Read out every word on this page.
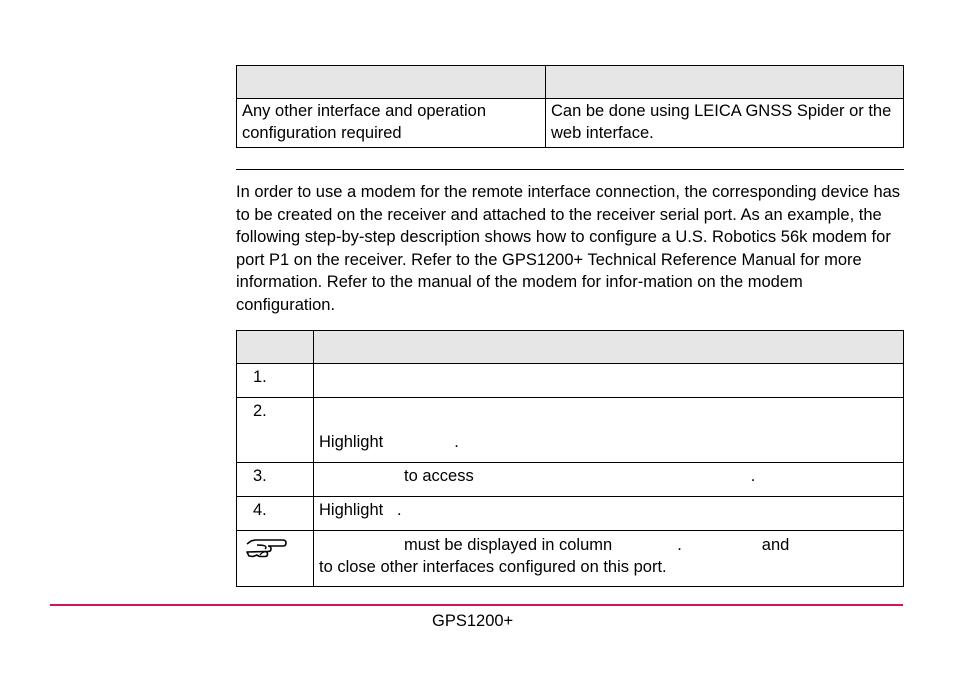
Any other interface and operation configuration required	Can be done using LEICA GNSS Spider or the web interface.

In order to use a modem for the remote interface connection, the corresponding device has to be created on the receiver and attached to the receiver serial port. As an example, the following step-by-step description shows how to configure a U.S. Robotics 56k modem for port P1 on the receiver. Refer to the GPS1200+ Technical Reference Manual for more information. Refer to the manual of the modem for infor-mation on the modem configuration.

1.	
2.	Highlight .

3.	to access .
4.	Highlight   .

must be displayed in column . and
to close other interfaces configured on this port.
GPS1200+
